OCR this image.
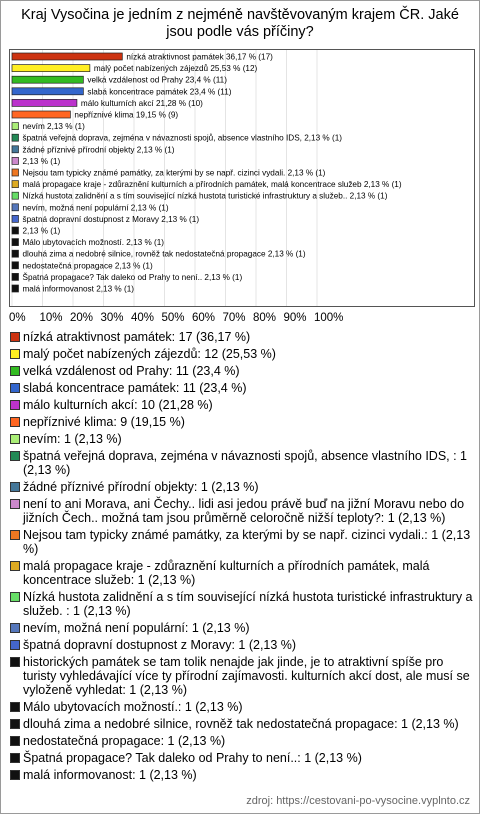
Kraj Vysočina je jedním z nejméně navštěvovaným krajem ČR. Jaké jsou podle vás příčiny?
nízká atraktivnost památek 36,17 % (17)
malý počet nabízených zájezdů 25,53 % (12)
velká vzdálenost od Prahy 23,4 % (11)
slabá koncentrace památek 23,4 % (11)
málo kulturních akcí 21,28 % (10)
nepříznivé klima 19,15 % (9)
nevím 2,13 % (1)
špatná veřejná doprava, zejména v návaznosti spojů, absence vlastního IDS, 2,13 % (1)
žádné příznivé přírodní objekty 2,13 % (1)
2,13 % (1)
Nejsou tam typicky známé památky, za kterými by se např. cizinci vydali. 2,13 % (1)
malá propagace kraje - zdůraznění kulturních a přírodních památek, malá koncentrace služeb 2,13 % (1)
Nízká hustota zalidnění a s tím související nízká hustota turistické infrastruktury a služeb.. 2,13 % (1)
nevím, možná není populární 2,13 % (1)
špatná dopravní dostupnost z Moravy 2,13 % (1)
2,13 % (1)
Málo ubytovacích možností. 2,13 % (1)
dlouhá zima a nedobré silnice, rovněž tak nedostatečná propagace 2,13 % (1)
nedostatečná propagace 2,13 % (1)
Špatná propagace? Tak daleko od Prahy to není.. 2,13 % (1)
malá informovanost 2,13 % (1)
0% 10% 20% 30% 40% 50% 60% 70% 80% 90% 100%
nízká atraktivnost památek: 17 (36,17 %)
malý počet nabízených zájezdů: 12 (25,53 %)
velká vzdálenost od Prahy: 11 (23,4 %)
slabá koncentrace památek: 11 (23,4 %)
málo kulturních akcí: 10 (21,28 %)
nepříznivé klima: 9 (19,15 %)
nevím: 1 (2,13 %)
špatná veřejná doprava, zejména v návaznosti spojů, absence vlastního IDS, : 1 (2,13 %)
žádné příznivé přírodní objekty: 1 (2,13 %)
není to ani Morava, ani Čechy.. lidi asi jedou právě buď na jižní Moravu nebo do jižních Čech.. možná tam jsou průměrně celoročně nižší teploty?: 1 (2,13 %)
Nejsou tam typicky známé památky, za kterými by se např. cizinci vydali.: 1 (2,13 %)
malá propagace kraje - zdůraznění kulturních a přírodních památek, malá koncentrace služeb: 1 (2,13 %)
Nízká hustota zalidnění a s tím související nízká hustota turistické infrastruktury a služeb. : 1 (2,13 %)
nevím, možná není populární: 1 (2,13 %)
špatná dopravní dostupnost z Moravy: 1 (2,13 %)
historických památek se tam tolik nenajde jak jinde, je to atraktivní spíše pro turisty vyhledávající více ty přírodní zajímavosti. kulturních akcí dost, ale musí se vyloženě vyhledat: 1 (2,13 %)
Málo ubytovacích možností.: 1 (2,13 %)
dlouhá zima a nedobré silnice, rovněž tak nedostatečná propagace: 1 (2,13 %)
nedostatečná propagace: 1 (2,13 %)
Špatná propagace? Tak daleko od Prahy to není..: 1 (2,13 %)
malá informovanost: 1 (2,13 %)
zdroj: https://cestovani-po-vysocine.vyplnto.cz
